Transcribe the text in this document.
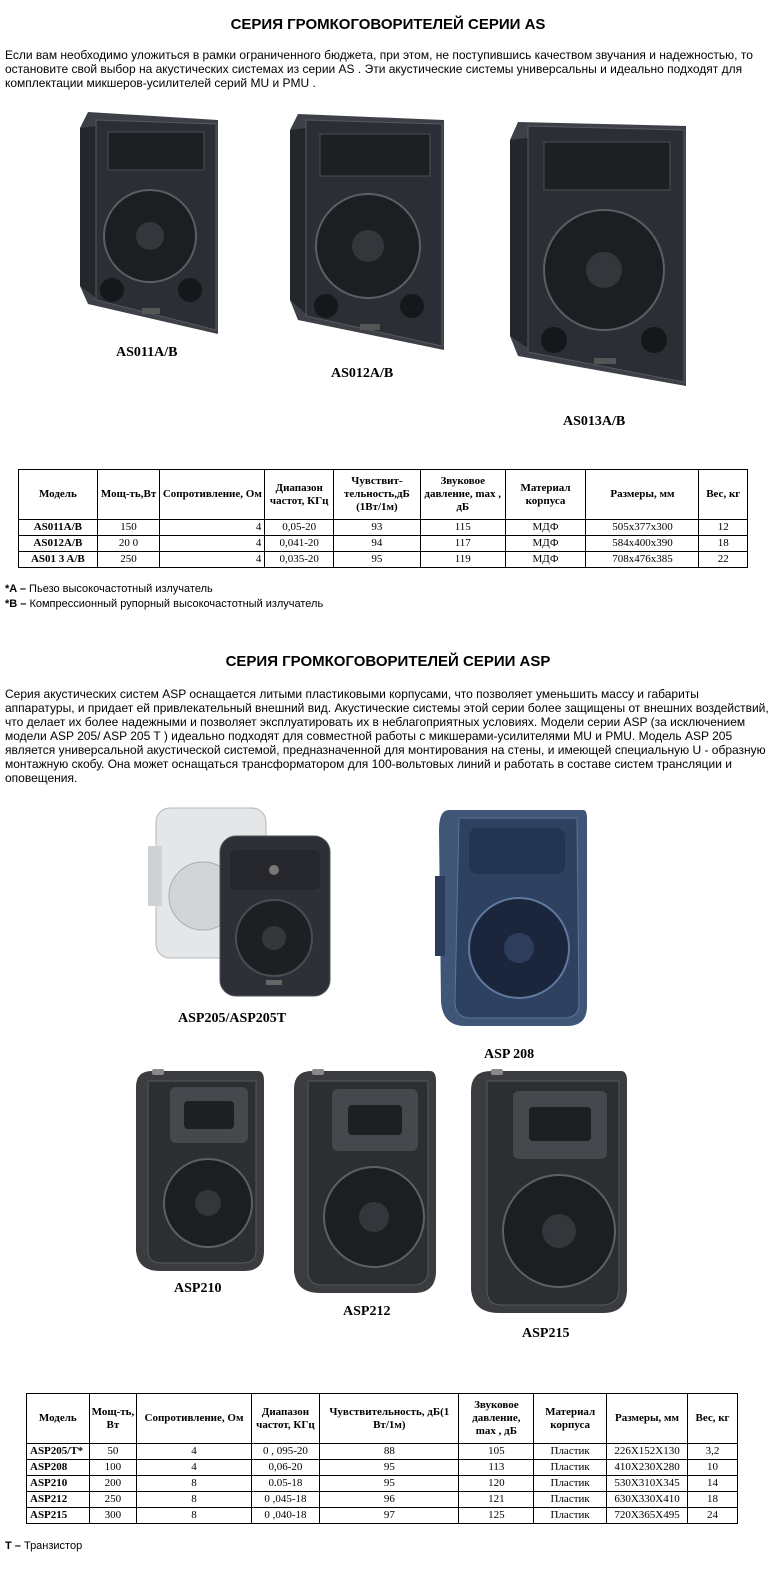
СЕРИЯ ГРОМКОГОВОРИТЕЛЕЙ СЕРИИ AS
Если вам необходимо уложиться в рамки ограниченного бюджета, при этом, не поступившись качеством звучания и надежностью, то остановите свой выбор на акустических системах из серии AS . Эти акустические системы универсальны и идеально подходят для комплектации микшеров-усилителей серий MU и PMU .
AS011A/B
AS012A/B
AS013A/B
Модель	Мощ-ть,Вт	Сопротивление, Ом	Диапазон частот, КГц	Чувствит-тельность,дБ (1Вт/1м)	Звуковое давление, max , дБ	Материал корпуса	Размеры, мм	Вес, кг
AS011A/B	150	4	0,05-20	93	115	МДФ	505x377x300	12
AS012A/B	20 0	4	0,041-20	94	117	МДФ	584x400x390	18
AS01 3 A/B	250	4	0,035-20	95	119	МДФ	708x476x385	22
*A – Пьезо высокочастотный излучатель
*B – Компрессионный рупорный высокочастотный излучатель
СЕРИЯ ГРОМКОГОВОРИТЕЛЕЙ СЕРИИ ASP
Серия акустических систем ASP оснащается литыми пластиковыми корпусами, что позволяет уменьшить массу и габариты аппаратуры, и придает ей привлекательный внешний вид. Акустические системы этой серии более защищены от внешних воздействий, что делает их более надежными и позволяет эксплуатировать их в неблагоприятных условиях. Модели серии ASP (за исключением модели ASP 205/ ASP 205 T ) идеально подходят для совместной работы с микшерами-усилителями MU и PMU. Модель ASP 205 является универсальной акустической системой, предназначенной для монтирования на стены, и имеющей специальную U - образную монтажную скобу. Она может оснащаться трансформатором для 100-вольтовых линий и работать в составе систем трансляции и оповещения.
ASP205/ASP205T
ASP 208
ASP210
ASP212
ASP215
Модель	Мощ-ть, Вт	Сопротивление, Ом	Диапазон частот, КГц	Чувствительность, дБ(1 Вт/1м)	Звуковое давление, max , дБ	Материал корпуса	Размеры, мм	Вес, кг
ASP205/T*	50	4	0 , 095-20	88	105	Пластик	226X152X130	3,2
ASP208	100	4	0,06-20	95	113	Пластик	410X230X280	10
ASP210	200	8	0.05-18	95	120	Пластик	530X310X345	14
ASP212	250	8	0 ,045-18	96	121	Пластик	630X330X410	18
ASP215	300	8	0 ,040-18	97	125	Пластик	720X365X495	24
T – Транзистор
